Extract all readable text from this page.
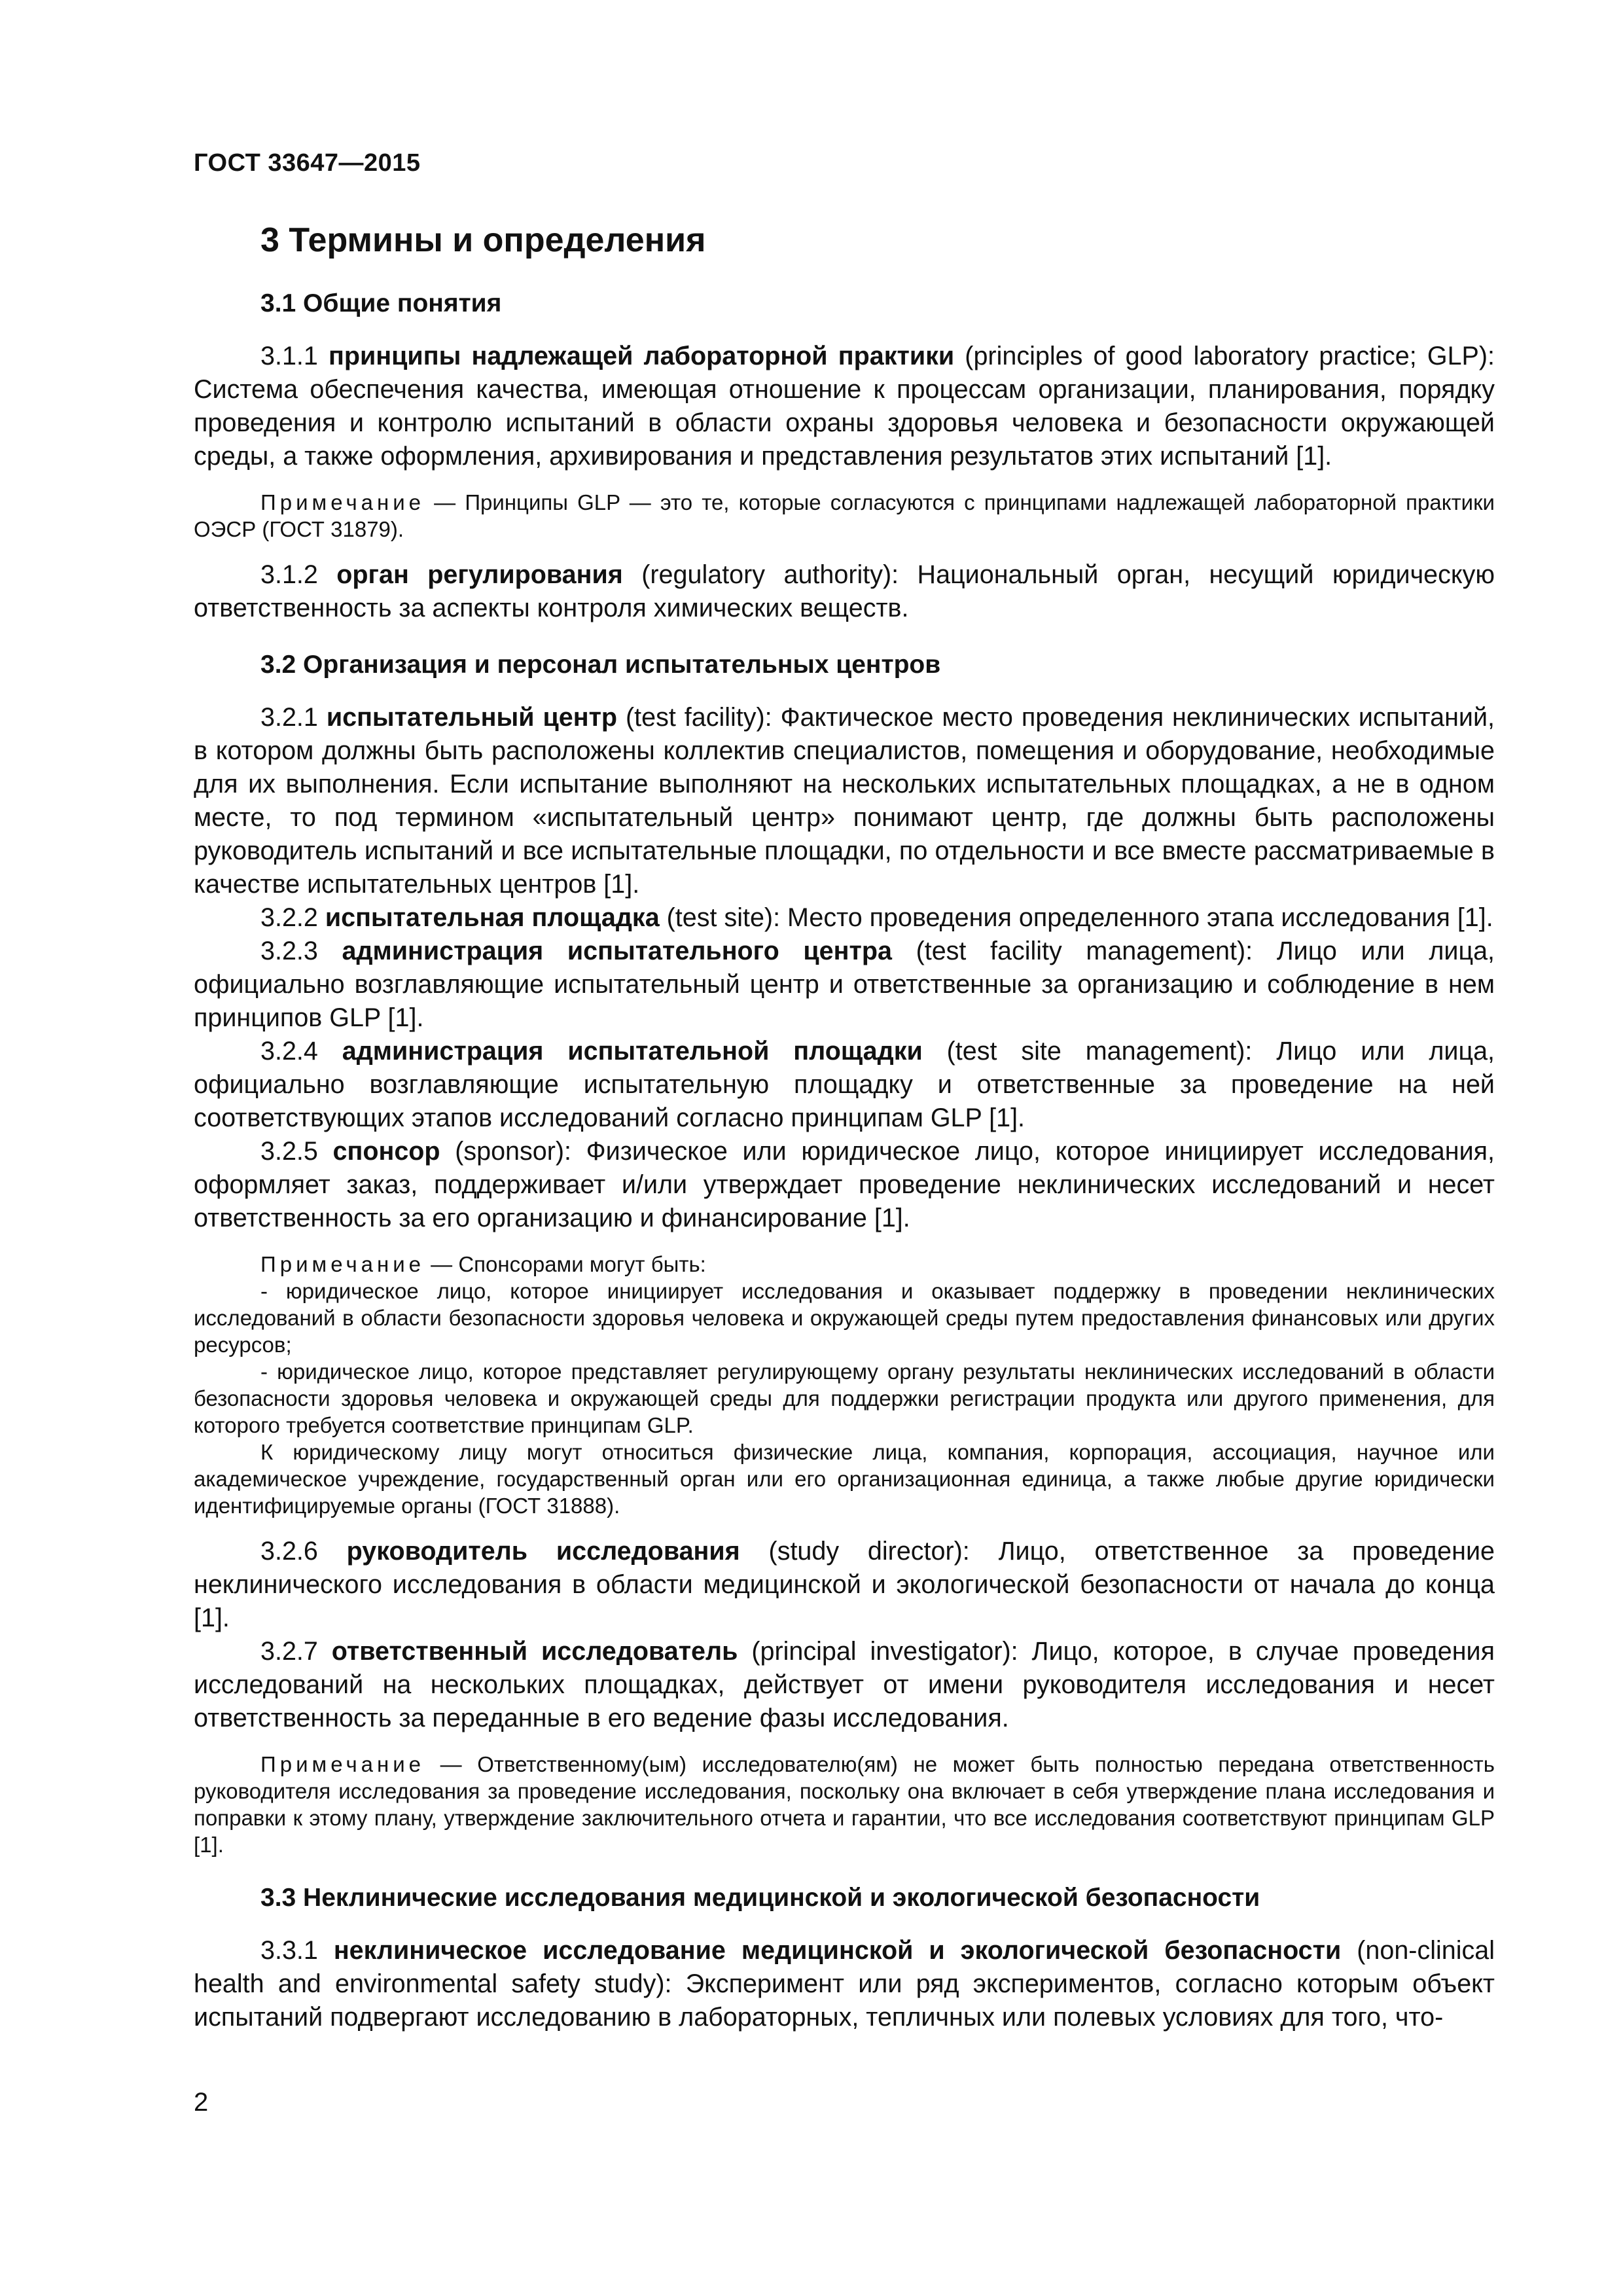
ГОСТ 33647—2015
3 Термины и определения
3.1 Общие понятия

3.1.1 принципы надлежащей лабораторной практики (principles of good laboratory practice; GLP): Система обеспечения качества, имеющая отношение к процессам организации, планирования, порядку проведения и контролю испытаний в области охраны здоровья человека и безопасности окружающей среды, а также оформления, архивирования и представления результатов этих испытаний [1].

Примечание — Принципы GLP — это те, которые согласуются с принципами надлежащей лабораторной практики ОЭСР (ГОСТ 31879).

3.1.2 орган регулирования (regulatory authority): Национальный орган, несущий юридическую ответственность за аспекты контроля химических веществ.

3.2 Организация и персонал испытательных центров

3.2.1 испытательный центр (test facility): Фактическое место проведения неклинических испытаний, в котором должны быть расположены коллектив специалистов, помещения и оборудование, необходимые для их выполнения. Если испытание выполняют на нескольких испытательных площадках, а не в одном месте, то под термином «испытательный центр» понимают центр, где должны быть расположены руководитель испытаний и все испытательные площадки, по отдельности и все вместе рассматриваемые в качестве испытательных центров [1].

3.2.2 испытательная площадка (test site): Место проведения определенного этапа исследования [1].

3.2.3 администрация испытательного центра (test facility management): Лицо или лица, официально возглавляющие испытательный центр и ответственные за организацию и соблюдение в нем принципов GLP [1].

3.2.4 администрация испытательной площадки (test site management): Лицо или лица, официально возглавляющие испытательную площадку и ответственные за проведение на ней соответствующих этапов исследований согласно принципам GLP [1].

3.2.5 спонсор (sponsor): Физическое или юридическое лицо, которое инициирует исследования, оформляет заказ, поддерживает и/или утверждает проведение неклинических исследований и несет ответственность за его организацию и финансирование [1].

Примечание — Спонсорами могут быть:

- юридическое лицо, которое инициирует исследования и оказывает поддержку в проведении неклинических исследований в области безопасности здоровья человека и окружающей среды путем предоставления финансовых или других ресурсов;

- юридическое лицо, которое представляет регулирующему органу результаты неклинических исследований в области безопасности здоровья человека и окружающей среды для поддержки регистрации продукта или другого применения, для которого требуется соответствие принципам GLP.

К юридическому лицу могут относиться физические лица, компания, корпорация, ассоциация, научное или академическое учреждение, государственный орган или его организационная единица, а также любые другие юридически идентифицируемые органы (ГОСТ 31888).

3.2.6 руководитель исследования (study director): Лицо, ответственное за проведение неклинического исследования в области медицинской и экологической безопасности от начала до конца [1].

3.2.7 ответственный исследователь (principal investigator): Лицо, которое, в случае проведения исследований на нескольких площадках, действует от имени руководителя исследования и несет ответственность за переданные в его ведение фазы исследования.

Примечание — Ответственному(ым) исследователю(ям) не может быть полностью передана ответственность руководителя исследования за проведение исследования, поскольку она включает в себя утверждение плана исследования и поправки к этому плану, утверждение заключительного отчета и гарантии, что все исследования соответствуют принципам GLP [1].

3.3 Неклинические исследования медицинской и экологической безопасности

3.3.1 неклиническое исследование медицинской и экологической безопасности (non-clinical health and environmental safety study): Эксперимент или ряд экспериментов, согласно которым объект испытаний подвергают исследованию в лабораторных, тепличных или полевых условиях для того, что-

2
